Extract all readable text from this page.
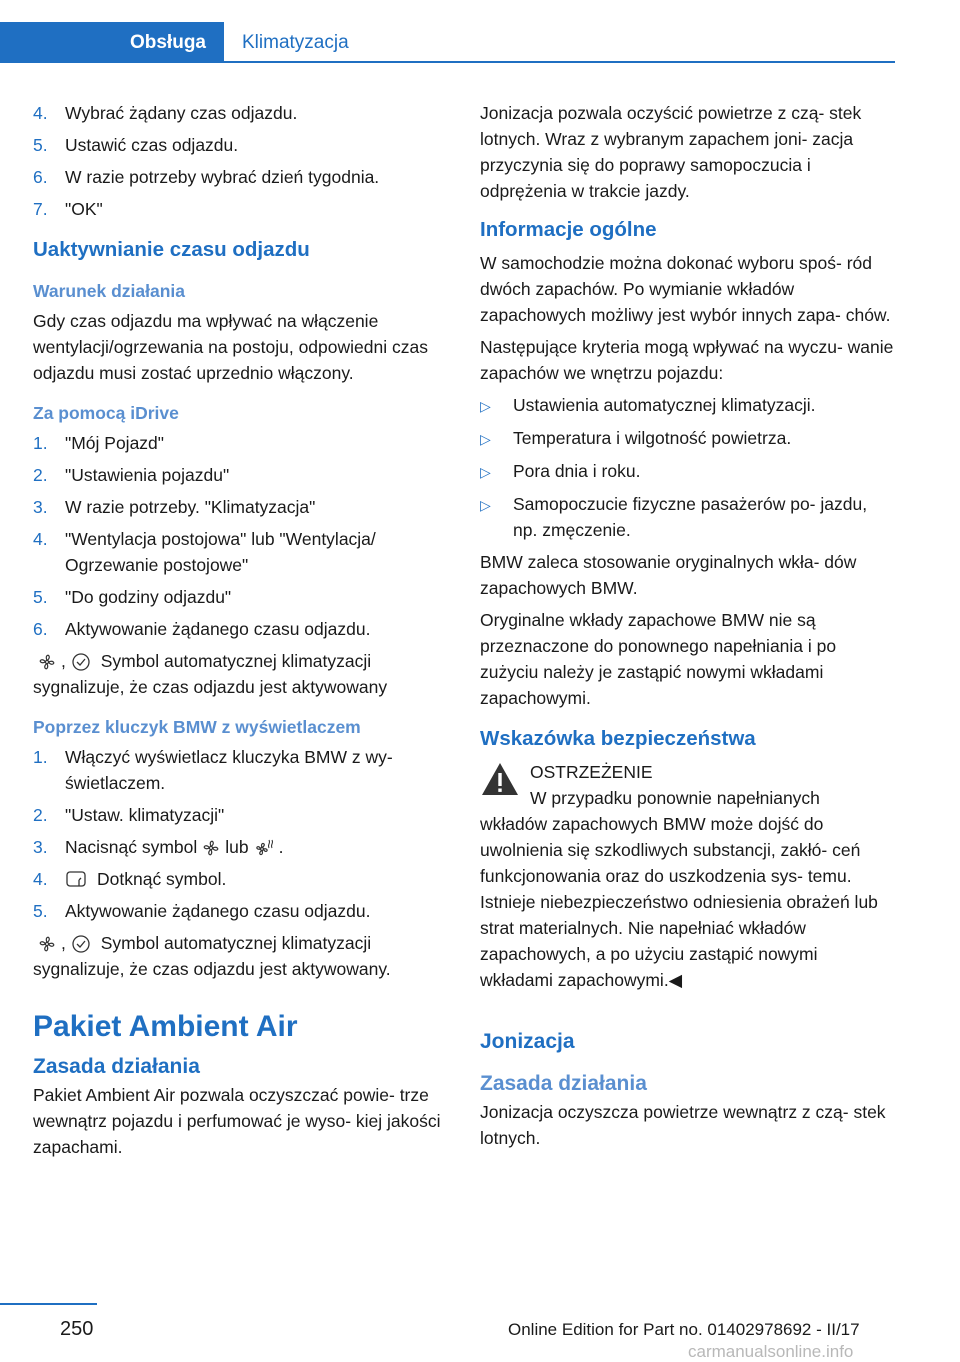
Obsługa Klimatyzacja
4. Wybrać żądany czas odjazdu.
5. Ustawić czas odjazdu.
6. W razie potrzeby wybrać dzień tygodnia.
7. "OK"
Uaktywnianie czasu odjazdu
Warunek działania

Gdy czas odjazdu ma wpływać na włączenie wentylacji/ogrzewania na postoju, odpowiedni czas odjazdu musi zostać uprzednio włączony.

Za pomocą iDrive
1. "Mój Pojazd"
2. "Ustawienia pojazdu"
3. W razie potrzeby. "Klimatyzacja"
4. "Wentylacja postojowa" lub "Wentylacja/ Ogrzewanie postojowe"
5. "Do godziny odjazdu"
6. Aktywowanie żądanego czasu odjazdu.

, Symbol automatycznej klimatyzacji
sygnalizuje, że czas odjazdu jest aktywowany

Poprzez kluczyk BMW z wyświetlaczem
1. Włączyć wyświetlacz kluczyka BMW z wy- świetlaczem.
2. "Ustaw. klimatyzacji"
3. Nacisnąć symbol lub .
4.	Dotknąć symbol.
5. Aktywowanie żądanego czasu odjazdu.

, Symbol automatycznej klimatyzacji
sygnalizuje, że czas odjazdu jest aktywowany.

Pakiet Ambient Air
Zasada działania

Pakiet Ambient Air pozwala oczyszczać powie- trze wewnątrz pojazdu i perfumować je wyso- kiej jakości zapachami.

Jonizacja pozwala oczyścić powietrze z czą- stek lotnych. Wraz z wybranym zapachem joni- zacja przyczynia się do poprawy samopoczucia i odprężenia w trakcie jazdy.

Informacje ogólne

W samochodzie można dokonać wyboru spoś- ród dwóch zapachów. Po wymianie wkładów zapachowych możliwy jest wybór innych zapa- chów.

Następujące kryteria mogą wpływać na wyczu- wanie zapachów we wnętrzu pojazdu:

▷	Ustawienia automatycznej klimatyzacji.
▷	Temperatura i wilgotność powietrza.
▷	Pora dnia i roku.
▷	Samopoczucie fizyczne pasażerów po- jazdu, np. zmęczenie.

BMW zaleca stosowanie oryginalnych wkła- dów zapachowych BMW.

Oryginalne wkłady zapachowe BMW nie są przeznaczone do ponownego napełniania i po zużyciu należy je zastąpić nowymi wkładami zapachowymi.

Wskazówka bezpieczeństwa
OSTRZEŻENIE

W przypadku ponownie napełnianych
wkładów zapachowych BMW może dojść do uwolnienia się szkodliwych substancji, zakłó- ceń funkcjonowania oraz do uszkodzenia sys- temu. Istnieje niebezpieczeństwo odniesienia obrażeń lub strat materialnych. Nie napełniać wkładów zapachowych, a po użyciu zastąpić nowymi wkładami zapachowymi.◀

Jonizacja
Zasada działania

Jonizacja oczyszcza powietrze wewnątrz z czą- stek lotnych.

250	Online Edition for Part no. 01402978692 - II/17
carmanualsonline.info
